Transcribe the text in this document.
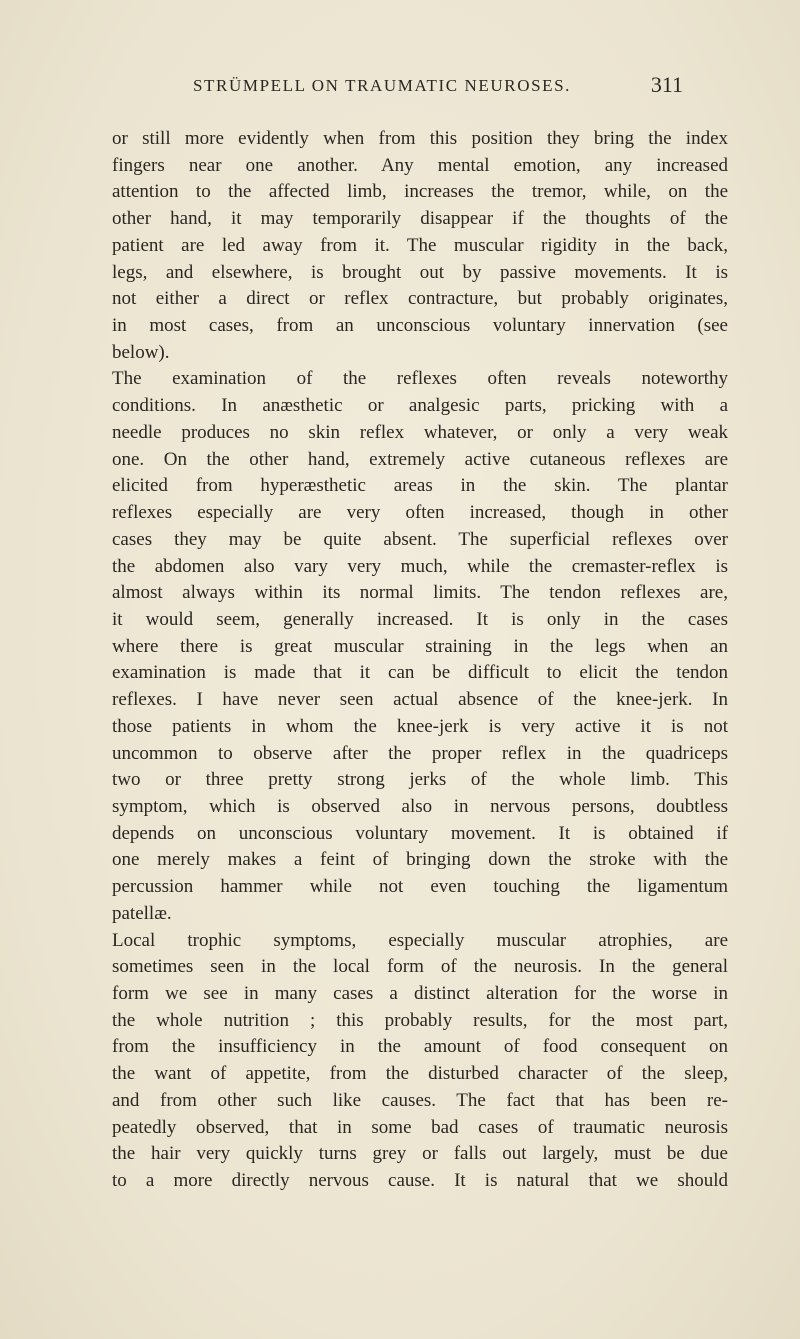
STRÜMPELL ON TRAUMATIC NEUROSES.	311
or still more evidently when from this position they bring the index
fingers near one another. Any mental emotion, any increased
attention to the affected limb, increases the tremor, while, on the
other hand, it may temporarily disappear if the thoughts of the
patient are led away from it. The muscular rigidity in the back,
legs, and elsewhere, is brought out by passive movements. It is
not either a direct or reflex contracture, but probably originates,
in most cases, from an unconscious voluntary innervation (see
below).
The examination of the reflexes often reveals noteworthy
conditions. In anæsthetic or analgesic parts, pricking with a
needle produces no skin reflex whatever, or only a very weak
one. On the other hand, extremely active cutaneous reflexes are
elicited from hyperæsthetic areas in the skin. The plantar
reflexes especially are very often increased, though in other
cases they may be quite absent. The superficial reflexes over
the abdomen also vary very much, while the cremaster-reflex is
almost always within its normal limits. The tendon reflexes are,
it would seem, generally increased. It is only in the cases
where there is great muscular straining in the legs when an
examination is made that it can be difficult to elicit the tendon
reflexes. I have never seen actual absence of the knee-jerk. In
those patients in whom the knee-jerk is very active it is not
uncommon to observe after the proper reflex in the quadriceps
two or three pretty strong jerks of the whole limb. This
symptom, which is observed also in nervous persons, doubtless
depends on unconscious voluntary movement. It is obtained if
one merely makes a feint of bringing down the stroke with the
percussion hammer while not even touching the ligamentum
patellæ.
Local trophic symptoms, especially muscular atrophies, are
sometimes seen in the local form of the neurosis. In the general
form we see in many cases a distinct alteration for the worse in
the whole nutrition ; this probably results, for the most part,
from the insufficiency in the amount of food consequent on
the want of appetite, from the disturbed character of the sleep,
and from other such like causes. The fact that has been re-
peatedly observed, that in some bad cases of traumatic neurosis
the hair very quickly turns grey or falls out largely, must be due
to a more directly nervous cause. It is natural that we should
